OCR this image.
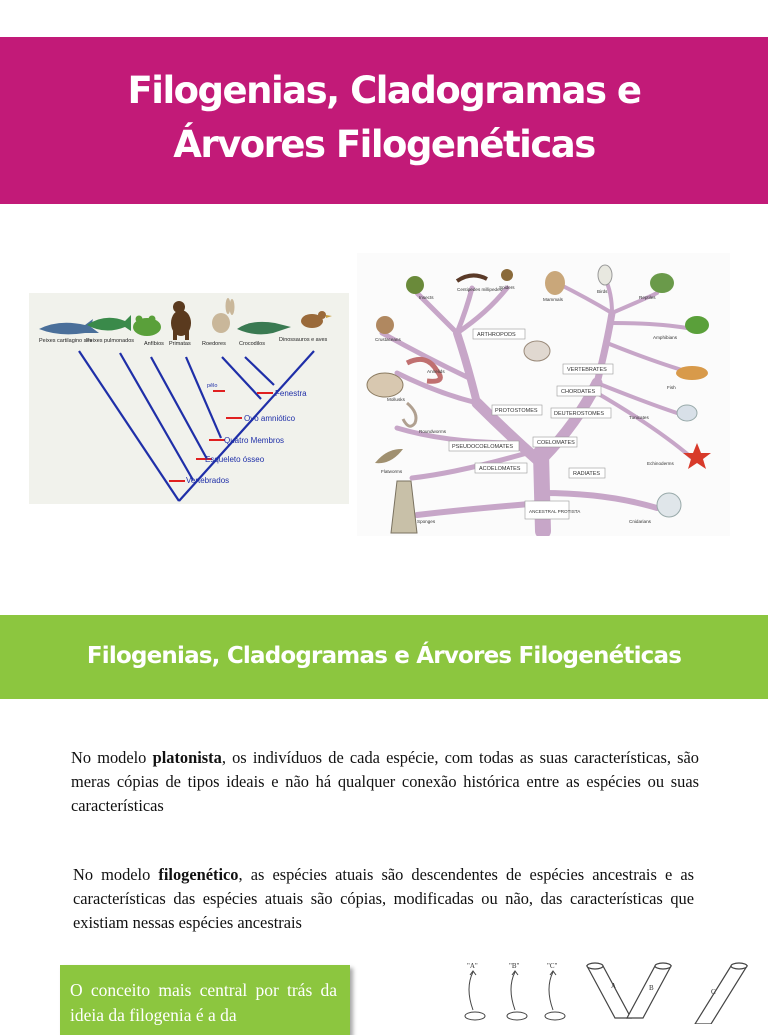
Filogenias, Cladogramas e
Árvores Filogenéticas
Peixes cartilagino sos
Peixes pulmonados Anfíbios Primatas Roedores Crocodilos
Dinossauros e aves
Fenestra
pêlo
Ovo amniótico
Quatro Membros
Esqueleto ósseo
Vertebrados
ARTHROPODS
VERTEBRATES
CHORDATES
PROTOSTOMES	DEUTEROSTOMES
PSEUDOCOELOMATES
COELOMATES
ACOELOMATES
RADIATES
ANCESTRAL PROTISTA
Insects
Centipedes millipedes
Spiders
Mammals
Birds
Reptiles
Amphibians
Fish
Tunicates
Echinoderms
Crustaceans
Annelids
Mollusks
Roundworms
Flatworms
Sponges	Cnidarians
Filogenias, Cladogramas e Árvores Filogenéticas
No modelo platonista, os indivíduos de cada espécie, com todas as suas características, são meras cópias de tipos ideais e não há qualquer conexão histórica entre as espécies ou suas características
No modelo filogenético, as espécies atuais são descendentes de espécies ancestrais e as características das espécies atuais são cópias, modificadas ou não, das características que existiam nessas espécies ancestrais
O conceito mais central por trás da ideia da filogenia é a da
"A"	"B"	"C"
A	B	C
